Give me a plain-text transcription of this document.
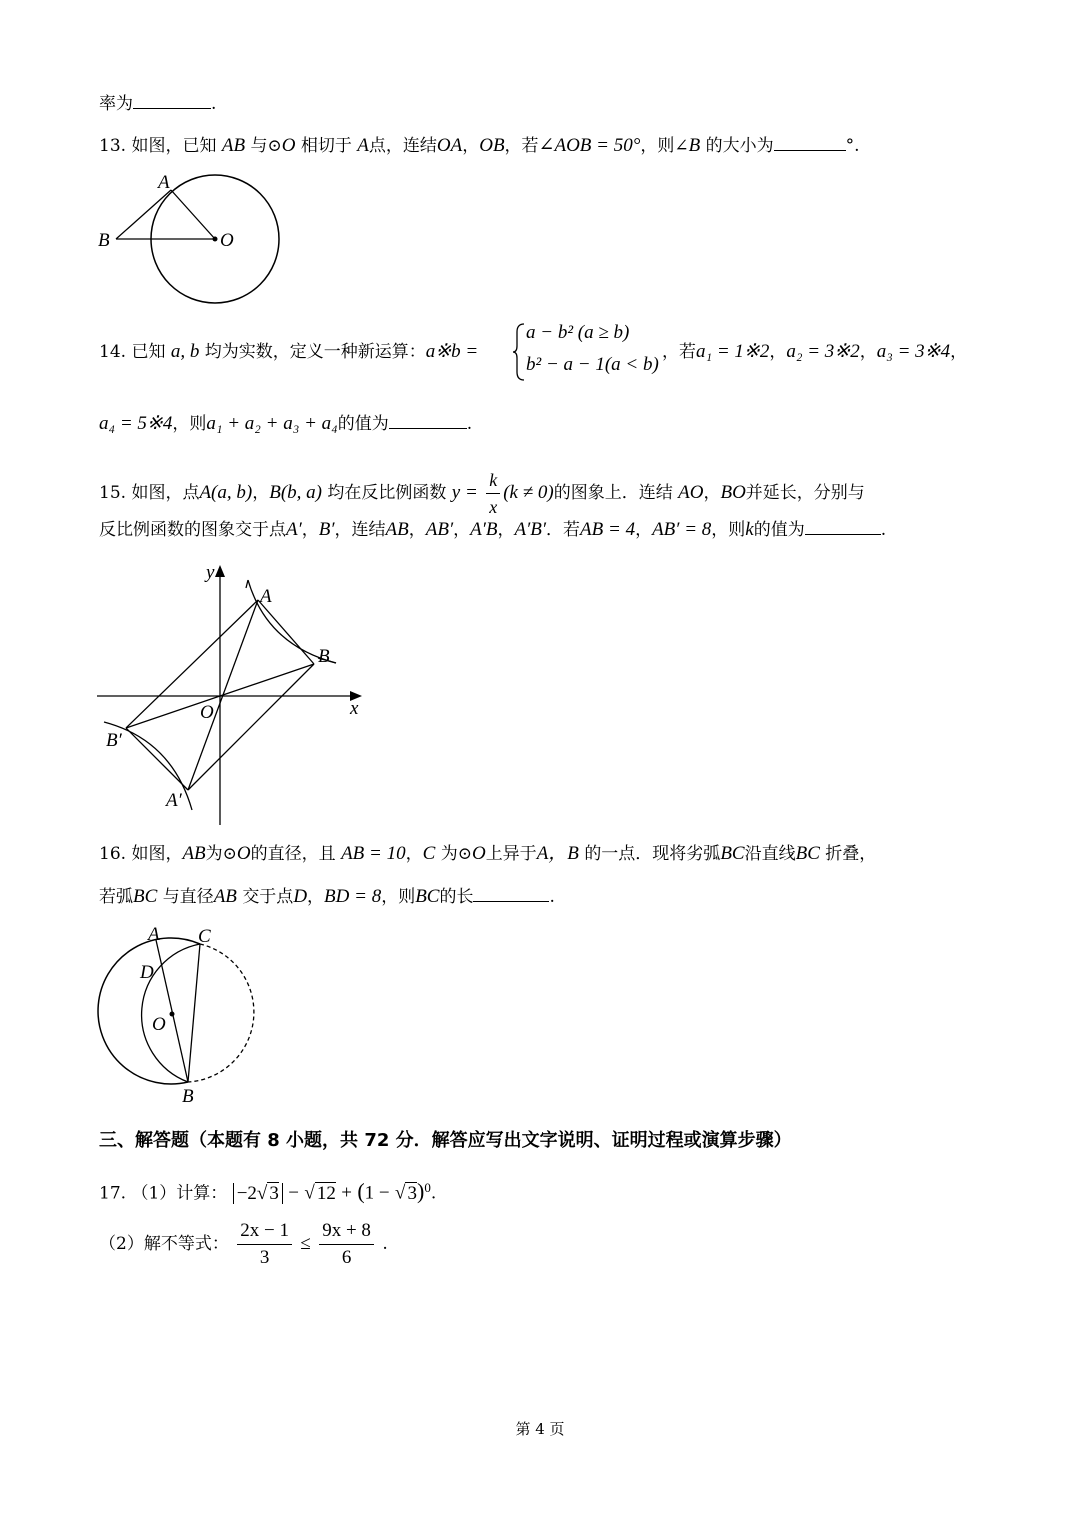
率为	.
13. 如图，已知 AB 与⊙O 相切于 A点，连结OA，OB，若∠AOB = 50°，则∠B 的大小为	°.
A
B	O
14. 已知 a, b 均为实数，定义一种新运算：a※b =
a − b² (a ≥ b)
b² − a − 1(a < b)
，若a₁ = 1※2，a₂ = 3※2，a₃ = 3※4，
a₄ = 5※4，则a₁ + a₂ + a₃ + a₄的值为	.
15. 如图，点A(a, b)，B(b, a) 均在反比例函数 $y = \frac{k}{x} (k \ne 0)$的图象上．连结 AO，BO并延长，分别与
反比例函数的图象交于点A′，B′，连结AB，AB′，A′B，A′B′．若AB = 4，AB′ = 8，则k的值为	.
A
B
O
B′
A′
y
x
16. 如图，AB为⊙O的直径，且 AB = 10，C 为⊙O上异于A，B 的一点．现将劣弧BC沿直线BC 折叠，
若弧BC 与直径AB 交于点D，BD = 8，则BC的长	.
A C
D
O
B
三、解答题（本题有 8 小题，共 72 分．解答应写出文字说明、证明过程或演算步骤）
17. （1）计算： −2√ 3 − √ 12 + (1 − √ 3)$^0$.
（2）解不等式： $\frac{2x - 1}{3} \le \frac{9x + 8}{6}$ .
第 4 页
